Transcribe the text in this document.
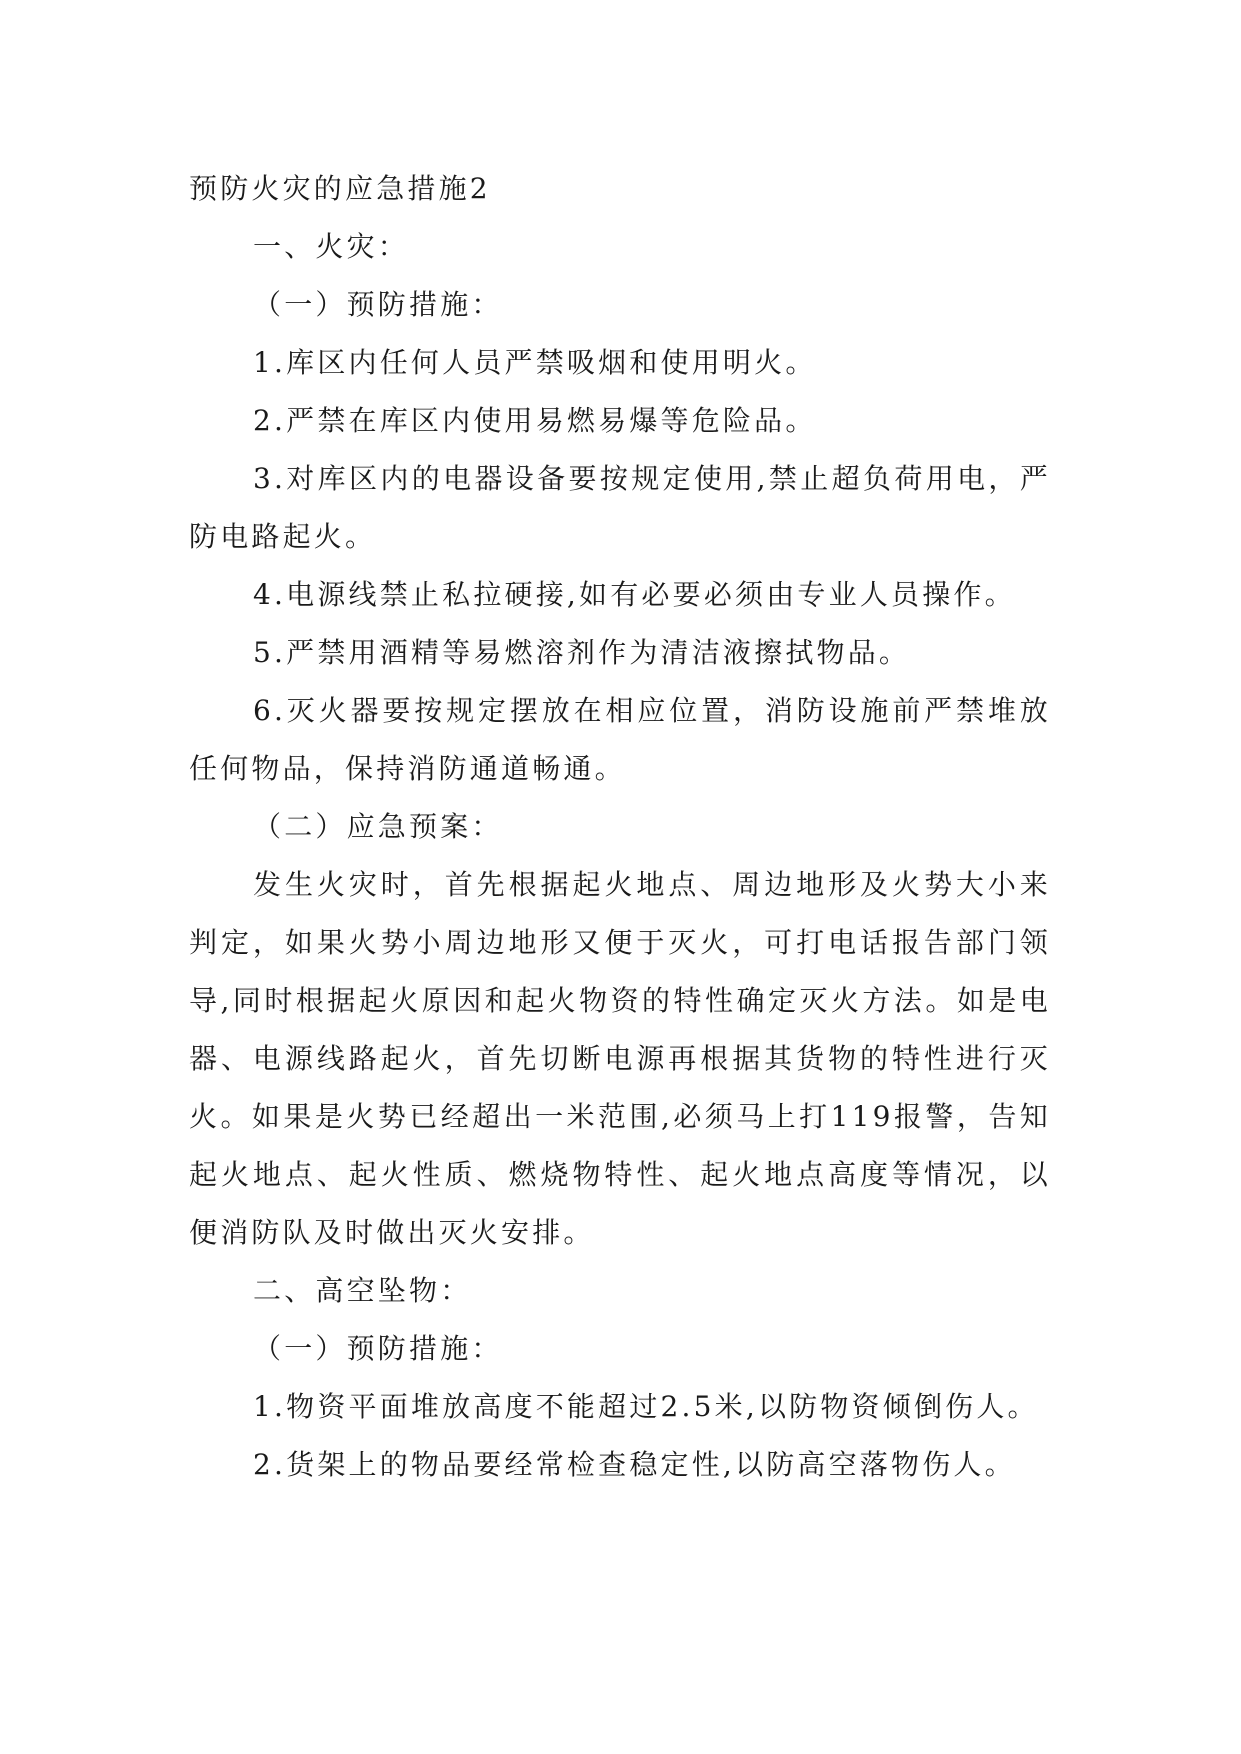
预防火灾的应急措施2

一、火灾：

（一）预防措施：

1.库区内任何人员严禁吸烟和使用明火。

2.严禁在库区内使用易燃易爆等危险品。

3.对库区内的电器设备要按规定使用,禁止超负荷用电，严防电路起火。

4.电源线禁止私拉硬接,如有必要必须由专业人员操作。

5.严禁用酒精等易燃溶剂作为清洁液擦拭物品。

6.灭火器要按规定摆放在相应位置，消防设施前严禁堆放任何物品，保持消防通道畅通。

（二）应急预案：

发生火灾时，首先根据起火地点、周边地形及火势大小来判定，如果火势小周边地形又便于灭火，可打电话报告部门领导,同时根据起火原因和起火物资的特性确定灭火方法。如是电器、电源线路起火，首先切断电源再根据其货物的特性进行灭火。如果是火势已经超出一米范围,必须马上打119报警，告知起火地点、起火性质、燃烧物特性、起火地点高度等情况，以便消防队及时做出灭火安排。

二、高空坠物：

（一）预防措施：

1.物资平面堆放高度不能超过2.5米,以防物资倾倒伤人。

2.货架上的物品要经常检查稳定性,以防高空落物伤人。
